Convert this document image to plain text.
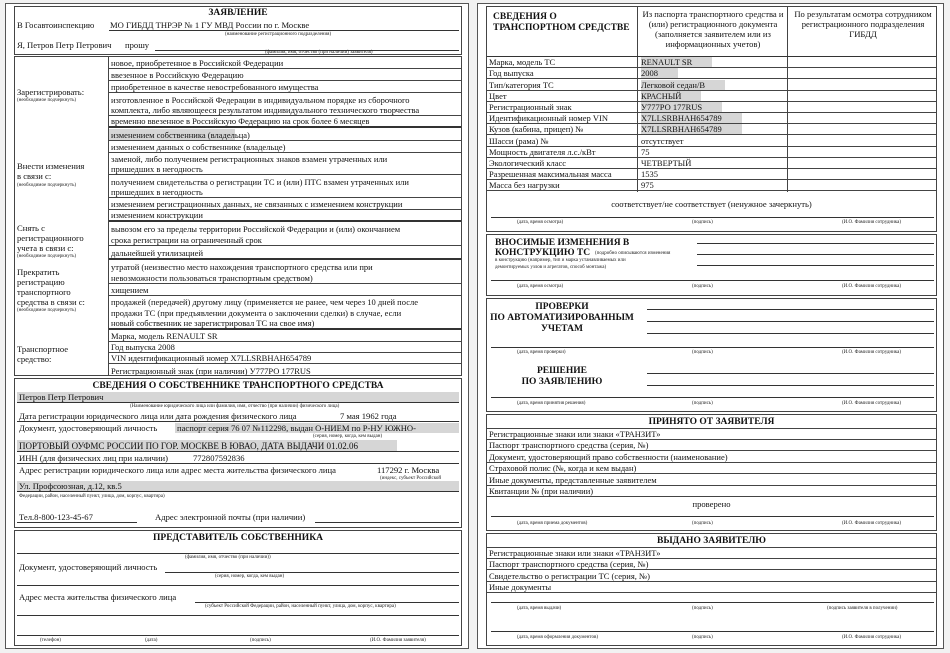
ЗАЯВЛЕНИЕ
В Госавтоинспекцию МО ГИБДД ТНРЭР № 1 ГУ МВД России по г. Москве
(наименование регистрационного подразделения)
Я, Петров Петр Петрович прошу
(фамилия, имя, отчество (при наличии) заявителя)
Зарегистрировать:
(необходимое подчеркнуть)
новое, приобретенное в Российской Федерации
ввезенное в Российскую Федерацию
приобретенное в качестве невостребованного имущества
изготовленное в Российской Федерации в индивидуальном порядке из сборочного
комплекта, либо являющееся результатом индивидуального технического творчества
временно ввезенное в Российскую Федерацию на срок более 6 месяцев
Внести изменения
в связи с:
(необходимое подчеркнуть)
изменением собственника (владельца)
изменением данных о собственнике (владельце)
заменой, либо получением регистрационных знаков взамен утраченных или
пришедших в негодность
получением свидетельства о регистрации ТС и (или) ПТС взамен утраченных или
пришедших в негодность
изменением регистрационных данных, не связанных с изменением конструкции
изменением конструкции
Снять с
регистрационного
учета в связи с:
(необходимое подчеркнуть)
вывозом его за пределы территории Российской Федерации и (или) окончанием
срока регистрации на ограниченный срок
дальнейшей утилизацией
Прекратить
регистрацию
транспортного
средства в связи с:
(необходимое подчеркнуть)
утратой (неизвестно место нахождения транспортного средства или при
невозможности пользоваться транспортным средством)
хищением
продажей (передачей) другому лицу (применяется не ранее, чем через 10 дней после
продажи ТС (при предъявлении документа о заключении сделки) в случае, если
новый собственник не зарегистрировал ТС на свое имя)
Транспортное
средство:
Марка, модель RENAULT SR
Год выпуска 2008
VIN идентификационный номер X7LLSRBHAH654789
Регистрационный знак (при наличии) У777РО 177RUS
СВЕДЕНИЯ О СОБСТВЕННИКЕ ТРАНСПОРТНОГО СРЕДСТВА
Петров Петр Петрович
(Наименование юридического лица или фамилия, имя, отчество (при наличии) физического лица)
Дата регистрации юридического лица или дата рождения физического лица	7 мая 1962 года
Документ, удостоверяющий личность паспорт серия 76 07 №112298, выдан О-НИЕМ по Р-НУ ЮЖНО-
(серия, номер, когда, кем выдан)
ПОРТОВЫЙ ОУФМС РОССИИ ПО ГОР. МОСКВЕ В ЮВАО, ДАТА ВЫДАЧИ 01.02.06
ИНН (для физических лиц при наличии)	772807592836
Адрес регистрации юридического лица или адрес места жительства физического лица	117292 г. Москва
(индекс, субъект Российской
Ул. Профсоюзная, д.12, кв.5
Федерации, район, населенный пункт, улица, дом, корпус, квартира)
Тел.8-800-123-45-67	Адрес электронной почты (при наличии)
ПРЕДСТАВИТЕЛЬ СОБСТВЕННИКА
(фамилия, имя, отчество (при наличии))
Документ, удостоверяющий личность
(серия, номер, когда, кем выдан)
Адрес места жительства физического лица
(субъект Российской Федерации, район, населенный пункт, улица, дом, корпус, квартира)
(телефон)	(дата)	(подпись)	(И.О. Фамилия заявителя)
СВЕДЕНИЯ О ТРАНСПОРТНОМ СРЕДСТВЕ
Из паспорта транспортного средства и (или) регистрационного документа (заполняется заявителем или из информационных учетов)
По результатам осмотра сотрудником регистрационного подразделения ГИБДД
Марка, модель ТС	RENAULT SR
Год выпуска	2008
Тип/категория ТС	Легковой седан/В
Цвет	КРАСНЫЙ
Регистрационный знак	У777РО 177RUS
Идентификационный номер VIN	X7LLSRBHAH654789
Кузов (кабина, прицеп) №	X7LLSRBHAH654789
Шасси (рама) №	отсутствует
Мощность двигателя л.с./кВт	75
Экологический класс	ЧЕТВЕРТЫЙ
Разрешенная максимальная масса	1535
Масса без нагрузки	975
соответствует/не соответствует (ненужное зачеркнуть)
(дата, время осмотра)	(подпись)	(И.О. Фамилия сотрудника)
ВНОСИМЫЕ ИЗМЕНЕНИЯ В
КОНСТРУКЦИЮ ТС (подробно описываются изменения
в конструкцию (например, тип и марка устанавливаемых или
демонтируемых узлов и агрегатов, способ монтажа)
(дата, время осмотра)	(подпись)	(И.О. Фамилия сотрудника)
ПРОВЕРКИ
ПО АВТОМАТИЗИРОВАННЫМ
УЧЕТАМ
(дата, время проверки)	(подпись)	(И.О. Фамилия сотрудника)
РЕШЕНИЕ
ПО ЗАЯВЛЕНИЮ
(дата, время принятия решения)	(подпись)	(И.О. Фамилия сотрудника)
ПРИНЯТО ОТ ЗАЯВИТЕЛЯ
Регистрационные знаки или знаки «ТРАНЗИТ»
Паспорт транспортного средства (серия, №)
Документ, удостоверяющий право собственности (наименование)
Страховой полис (№, когда и кем выдан)
Иные документы, представленные заявителем
Квитанции № (при наличии)
проверено
(дата, время приема документов)	(подпись)	(И.О. Фамилия сотрудника)
ВЫДАНО ЗАЯВИТЕЛЮ
Регистрационные знаки или знаки «ТРАНЗИТ»
Паспорт транспортного средства (серия, №)
Свидетельство о регистрации ТС (серия, №)
Иные документы
(дата, время выдачи)	(подпись)	(подпись заявителя в получении)
(дата, время оформления документов)	(подпись)	(И.О. Фамилия сотрудника)
